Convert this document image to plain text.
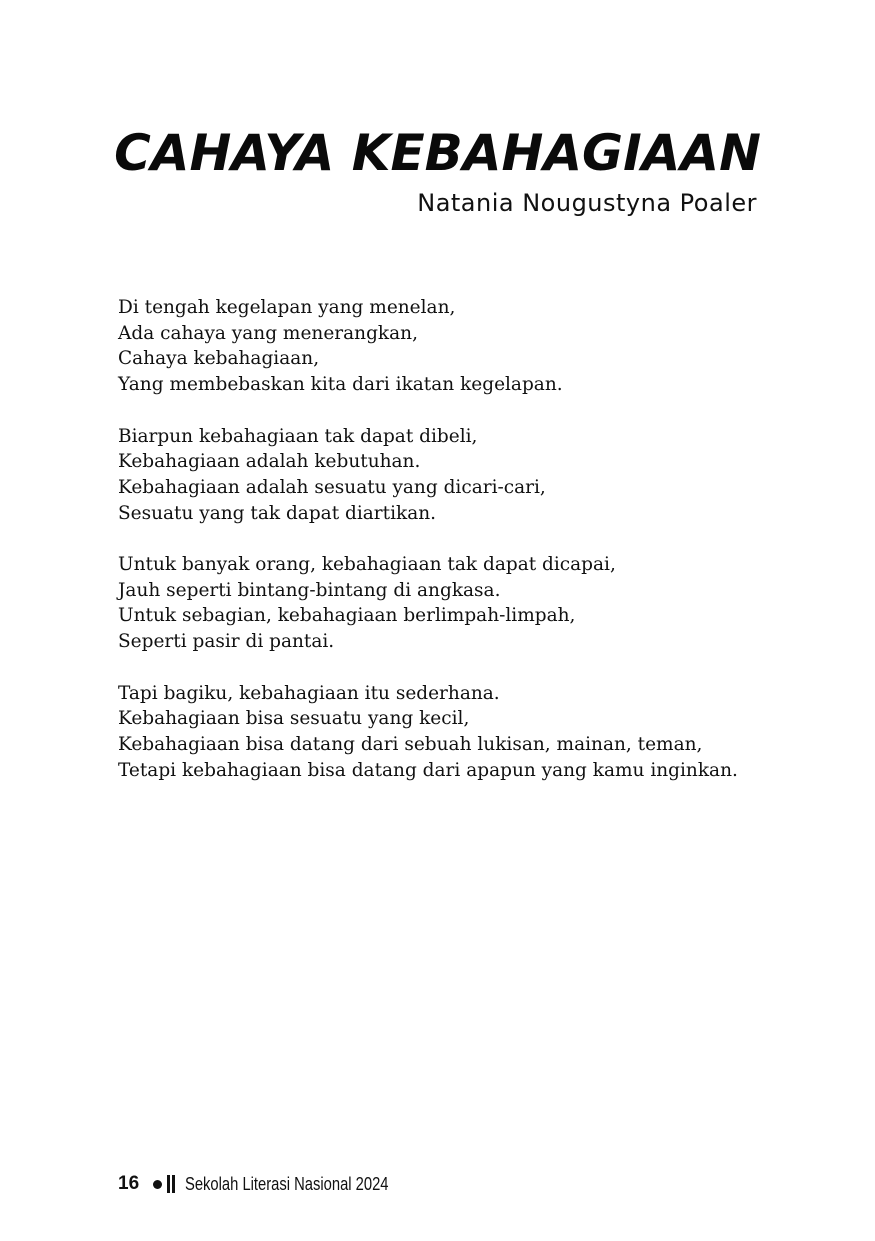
CAHAYA KEBAHAGIAAN
Natania Nougustyna Poaler
Di tengah kegelapan yang menelan,
Ada cahaya yang menerangkan,
Cahaya kebahagiaan,
Yang membebaskan kita dari ikatan kegelapan.
Biarpun kebahagiaan tak dapat dibeli,
Kebahagiaan adalah kebutuhan.
Kebahagiaan adalah sesuatu yang dicari-cari,
Sesuatu yang tak dapat diartikan.
Untuk banyak orang, kebahagiaan tak dapat dicapai,
Jauh seperti bintang-bintang di angkasa.
Untuk sebagian, kebahagiaan berlimpah-limpah,
Seperti pasir di pantai.
Tapi bagiku, kebahagiaan itu sederhana.
Kebahagiaan bisa sesuatu yang kecil,
Kebahagiaan bisa datang dari sebuah lukisan, mainan, teman,
Tetapi kebahagiaan bisa datang dari apapun yang kamu inginkan.
16	Sekolah Literasi Nasional 2024
